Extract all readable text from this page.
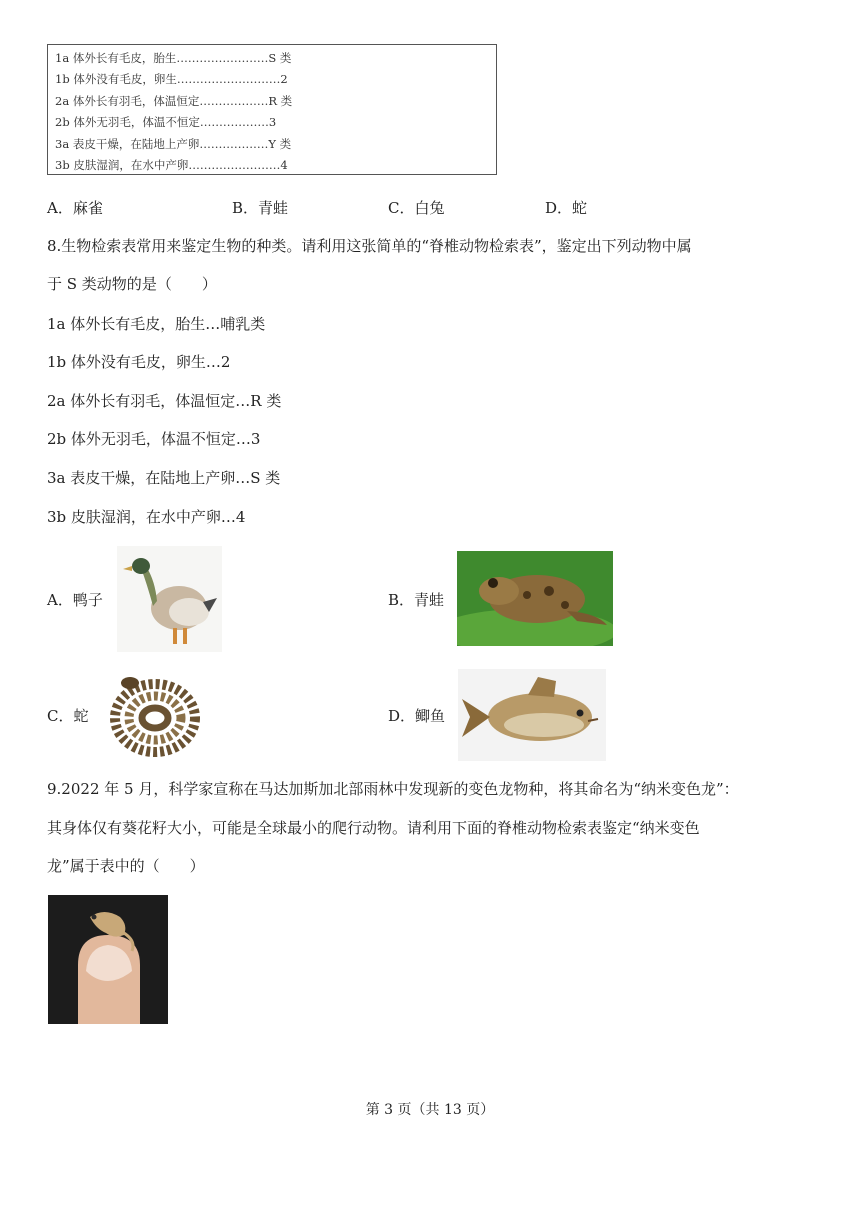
1a 体外长有毛皮，胎生……………………S 类
1b 体外没有毛皮，卵生………………………2
2a 体外长有羽毛，体温恒定………………R 类
2b 体外无羽毛，体温不恒定………………3
3a 表皮干燥，在陆地上产卵………………Y 类
3b 皮肤湿润，在水中产卵……………………4
A．麻雀	B．青蛙	C．白兔	D．蛇
8.生物检索表常用来鉴定生物的种类。请利用这张简单的“脊椎动物检索表”，鉴定出下列动物中属
于 S 类动物的是（　　）
1a 体外长有毛皮，胎生…哺乳类
1b 体外没有毛皮，卵生…2
2a 体外长有羽毛，体温恒定…R 类
2b 体外无羽毛，体温不恒定…3
3a 表皮干燥，在陆地上产卵…S 类
3b 皮肤湿润，在水中产卵…4
A．鸭子	B．青蛙
C．蛇	D．鲫鱼
9.2022 年 5 月，科学家宣称在马达加斯加北部雨林中发现新的变色龙物种，将其命名为“纳米变色龙”：
其身体仅有葵花籽大小，可能是全球最小的爬行动物。请利用下面的脊椎动物检索表鉴定“纳米变色
龙”属于表中的（　　）
第 3 页（共 13 页）
